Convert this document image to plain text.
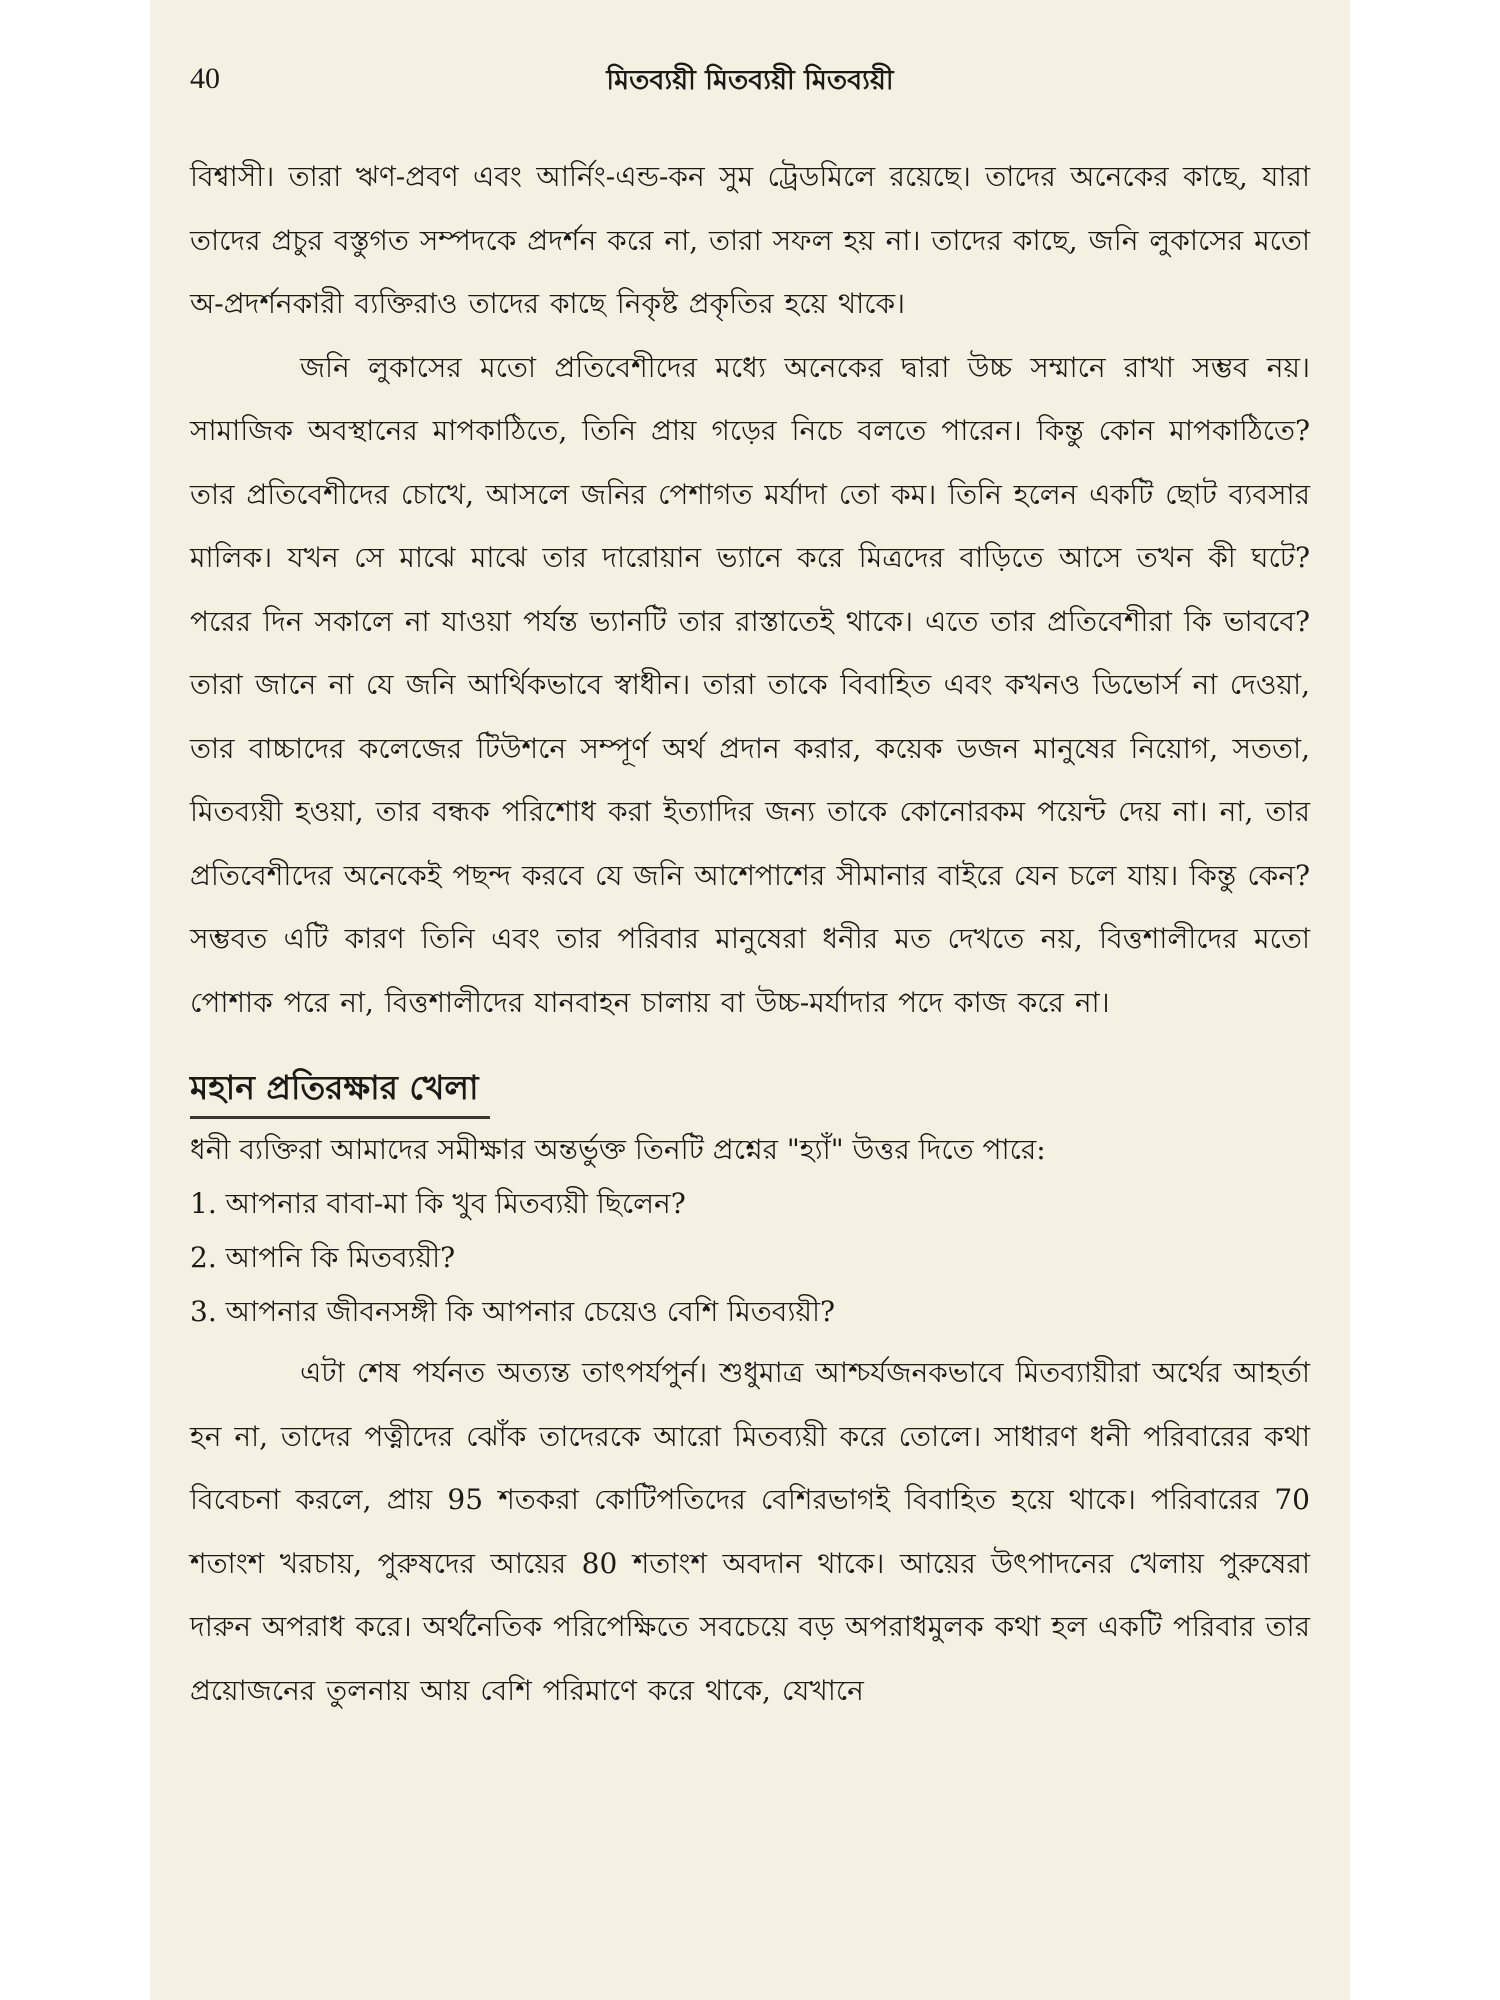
40	মিতব্যয়ী মিতব্যয়ী মিতব্যয়ী

বিশ্বাসী। তারা ঋণ-প্রবণ এবং আর্নিং-এন্ড-কন সুম ট্রেডমিলে রয়েছে। তাদের অনেকের কাছে, যারা তাদের প্রচুর বস্তুগত সম্পদকে প্রদর্শন করে না, তারা সফল হয় না। তাদের কাছে, জনি লুকাসের মতো অ-প্রদর্শনকারী ব্যক্তিরাও তাদের কাছে নিকৃষ্ট প্রকৃতির হয়ে থাকে।

জনি লুকাসের মতো প্রতিবেশীদের মধ্যে অনেকের দ্বারা উচ্চ সম্মানে রাখা সম্ভব নয়। সামাজিক অবস্থানের মাপকাঠিতে, তিনি প্রায় গড়ের নিচে বলতে পারেন। কিন্তু কোন মাপকাঠিতে? তার প্রতিবেশীদের চোখে, আসলে জনির পেশাগত মর্যাদা তো কম। তিনি হলেন একটি ছোট ব্যবসার মালিক। যখন সে মাঝে মাঝে তার দারোয়ান ভ্যানে করে মিত্রদের বাড়িতে আসে তখন কী ঘটে? পরের দিন সকালে না যাওয়া পর্যন্ত ভ্যানটি তার রাস্তাতেই থাকে। এতে তার প্রতিবেশীরা কি ভাববে? তারা জানে না যে জনি আর্থিকভাবে স্বাধীন। তারা তাকে বিবাহিত এবং কখনও ডিভোর্স না দেওয়া, তার বাচ্চাদের কলেজের টিউশনে সম্পূর্ণ অর্থ প্রদান করার, কয়েক ডজন মানুষের নিয়োগ, সততা, মিতব্যয়ী হওয়া, তার বন্ধক পরিশোধ করা ইত্যাদির জন্য তাকে কোনোরকম পয়েন্ট দেয় না। না, তার প্রতিবেশীদের অনেকেই পছন্দ করবে যে জনি আশেপাশের সীমানার বাইরে যেন চলে যায়। কিন্তু কেন? সম্ভবত এটি কারণ তিনি এবং তার পরিবার মানুষেরা ধনীর মত দেখতে নয়, বিত্তশালীদের মতো পোশাক পরে না, বিত্তশালীদের যানবাহন চালায় বা উচ্চ-মর্যাদার পদে কাজ করে না।

মহান প্রতিরক্ষার খেলা

ধনী ব্যক্তিরা আমাদের সমীক্ষার অন্তর্ভুক্ত তিনটি প্রশ্নের "হ্যাঁ" উত্তর দিতে পারে:

1. আপনার বাবা-মা কি খুব মিতব্যয়ী ছিলেন?
2. আপনি কি মিতব্যয়ী?
3. আপনার জীবনসঙ্গী কি আপনার চেয়েও বেশি মিতব্যয়ী?

এটা শেষ পর্যনত অত্যন্ত তাৎপর্যপুর্ন। শুধুমাত্র আশ্চর্যজনকভাবে মিতব্যায়ীরা অর্থের আহর্তা হন না, তাদের পত্নীদের ঝোঁক তাদেরকে আরো মিতব্যয়ী করে তোলে। সাধারণ ধনী পরিবারের কথা বিবেচনা করলে, প্রায় 95 শতকরা কোটিপতিদের বেশিরভাগই বিবাহিত হয়ে থাকে। পরিবারের 70 শতাংশ খরচায়, পুরুষদের আয়ের 80 শতাংশ অবদান থাকে। আয়ের উৎপাদনের খেলায় পুরুষেরা দারুন অপরাধ করে। অর্থনৈতিক পরিপেক্ষিতে সবচেয়ে বড় অপরাধমুলক কথা হল একটি পরিবার তার প্রয়োজনের তুলনায় আয় বেশি পরিমাণে করে থাকে, যেখানে
